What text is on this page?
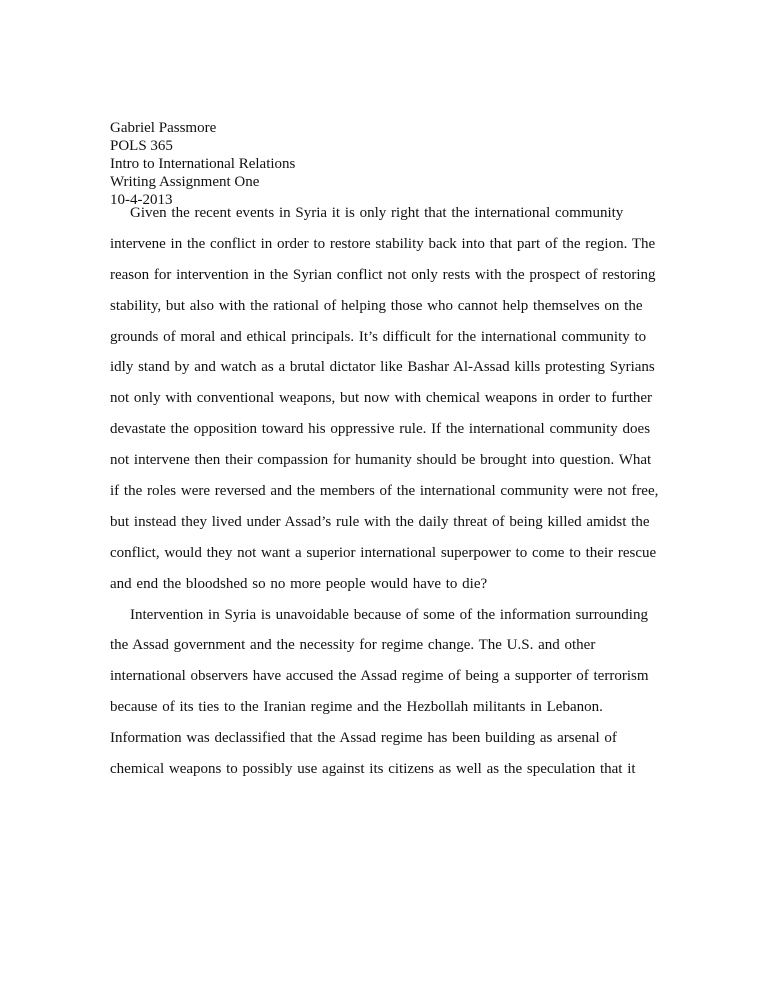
Gabriel Passmore
POLS 365
Intro to International Relations
Writing Assignment One
10-4-2013
Given the recent events in Syria it is only right that the international community
intervene in the conflict in order to restore stability back into that part of the region. The
reason for intervention in the Syrian conflict not only rests with the prospect of restoring
stability, but also with the rational of helping those who cannot help themselves on the
grounds of moral and ethical principals. It’s difficult for the international community to
idly stand by and watch as a brutal dictator like Bashar Al-Assad kills protesting Syrians
not only with conventional weapons, but now with chemical weapons in order to further
devastate the opposition toward his oppressive rule. If the international community does
not intervene then their compassion for humanity should be brought into question. What
if the roles were reversed and the members of the international community were not free,
but instead they lived under Assad’s rule with the daily threat of being killed amidst the
conflict, would they not want a superior international superpower to come to their rescue
and end the bloodshed so no more people would have to die?
Intervention in Syria is unavoidable because of some of the information surrounding
the Assad government and the necessity for regime change. The U.S. and other
international observers have accused the Assad regime of being a supporter of terrorism
because of its ties to the Iranian regime and the Hezbollah militants in Lebanon.
Information was declassified that the Assad regime has been building as arsenal of
chemical weapons to possibly use against its citizens as well as the speculation that it
